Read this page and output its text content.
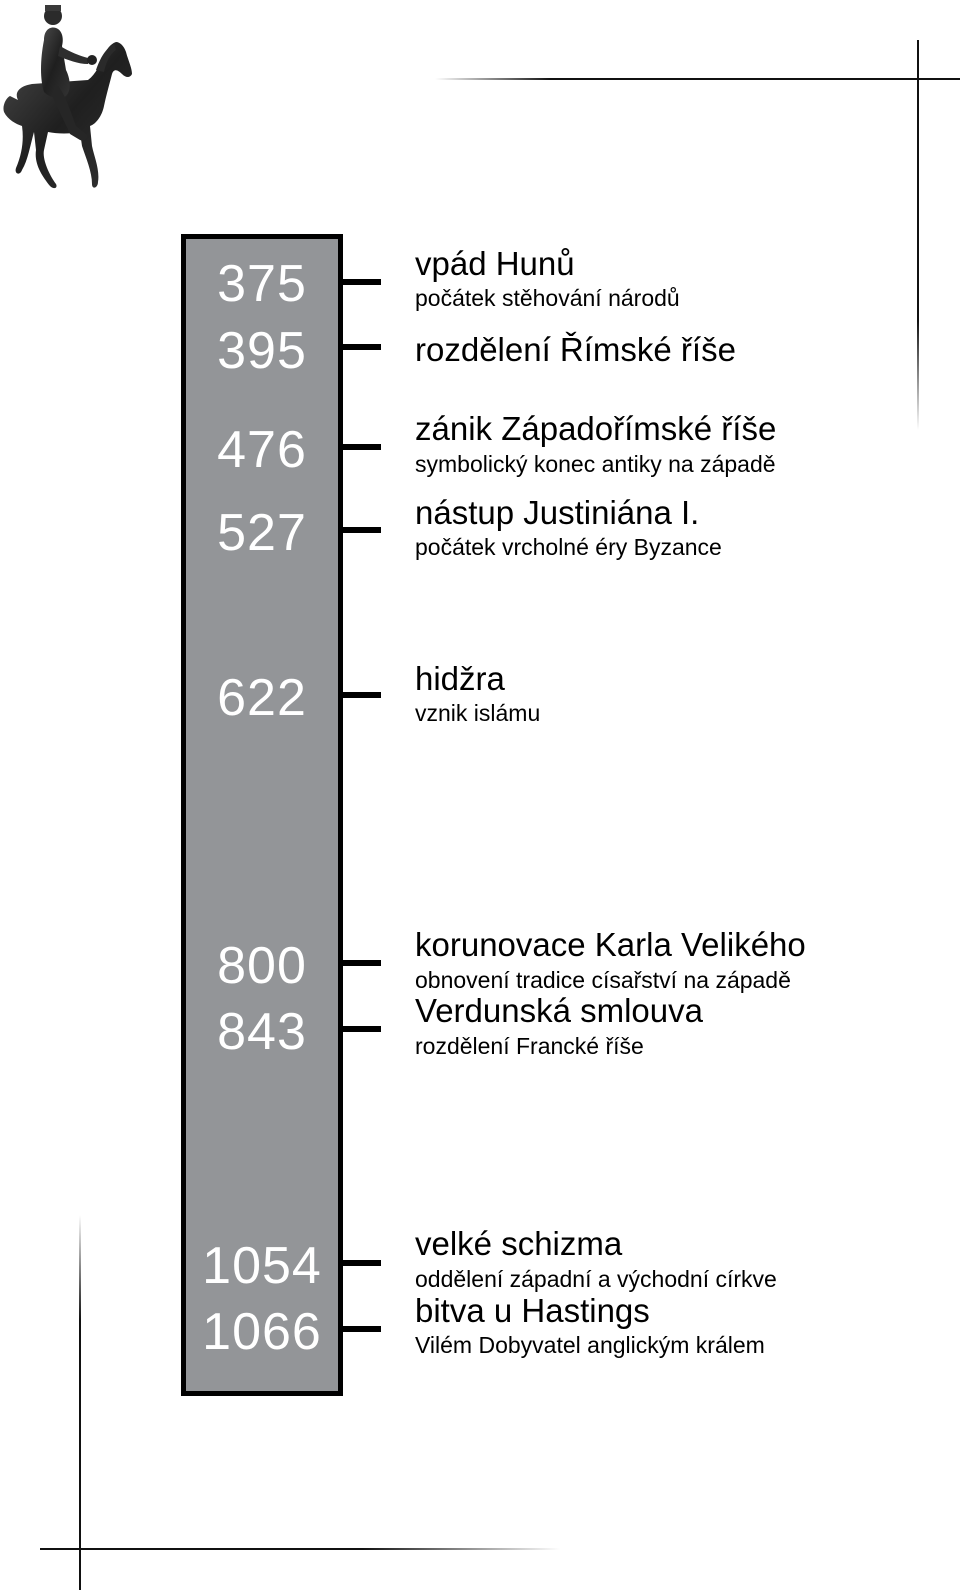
375	vpád Hunů
počátek stěhování národů
395	rozdělení Římské říše
476	zánik Západořímské říše
symbolický konec antiky na západě
527	nástup Justiniána I.
počátek vrcholné éry Byzance
622	hidžra
vznik islámu
800	korunovace Karla Velikého
obnovení tradice císařství na západě
843	Verdunská smlouva
rozdělení Francké říše
1054	velké schizma
oddělení západní a východní církve
1066	bitva u Hastings
Vilém Dobyvatel anglickým králem
